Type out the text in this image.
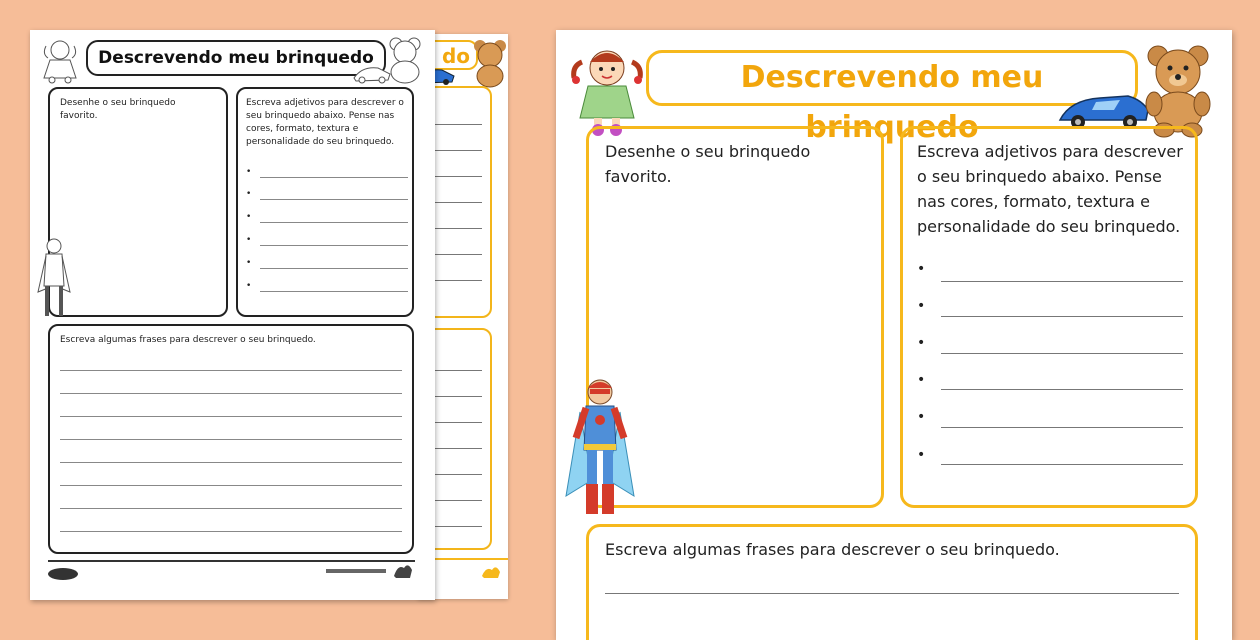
do
Descrevendo meu brinquedo
Desenhe o seu brinquedo favorito.
Escreva adjetivos para descrever o seu brinquedo abaixo. Pense nas cores, formato, textura e personalidade do seu brinquedo.
•
•
•
•
•
•
Escreva algumas frases para descrever o seu brinquedo.
Descrevendo meu brinquedo
Desenhe o seu brinquedo favorito.
Escreva adjetivos para descrever o seu brinquedo abaixo. Pense nas cores, formato, textura e personalidade do seu brinquedo.
•
•
•
•
•
•
Escreva algumas frases para descrever o seu brinquedo.
